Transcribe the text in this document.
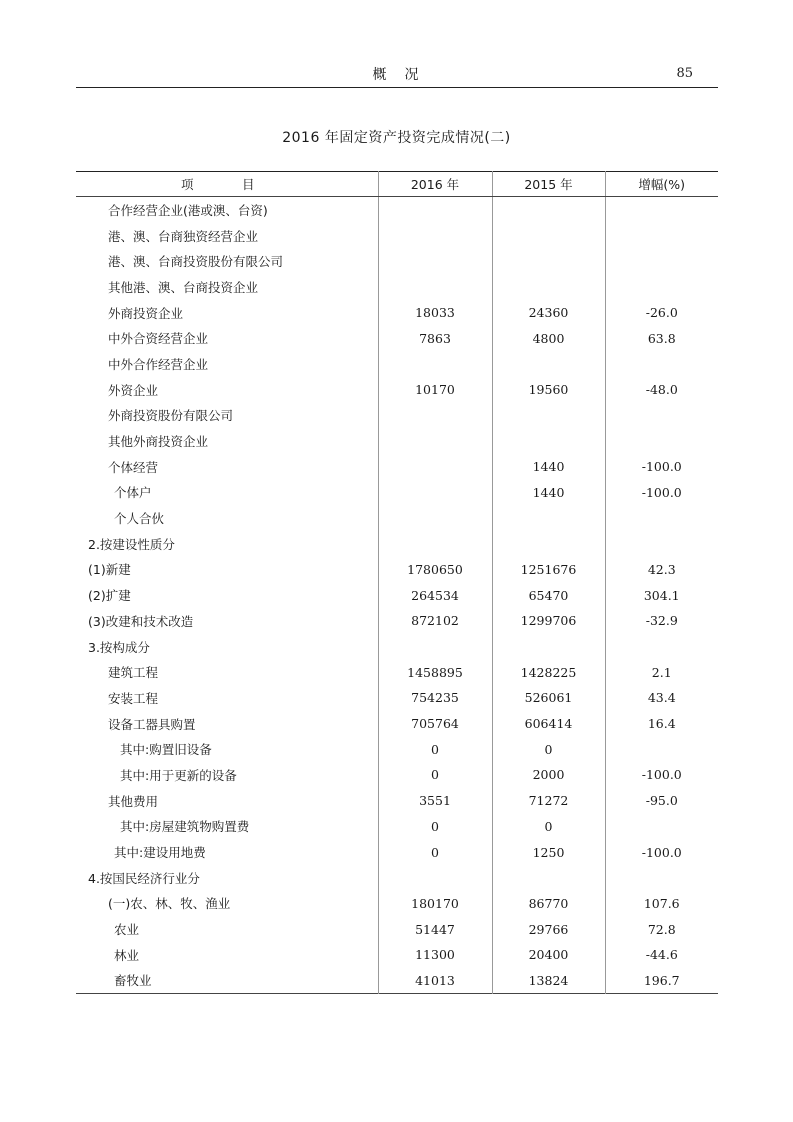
概　况	85
2016 年固定资产投资完成情况(二)
项　目	2016 年	2015 年	增幅(%)
合作经营企业(港或澳、台资)			
港、澳、台商独资经营企业			
港、澳、台商投资股份有限公司			
其他港、澳、台商投资企业			
外商投资企业	18033	24360	-26.0
中外合资经营企业	7863	4800	63.8
中外合作经营企业			
外资企业	10170	19560	-48.0
外商投资股份有限公司			
其他外商投资企业			
个体经营		1440	-100.0
个体户		1440	-100.0
个人合伙			
2.按建设性质分			
(1)新建	1780650	1251676	42.3
(2)扩建	264534	65470	304.1
(3)改建和技术改造	872102	1299706	-32.9
3.按构成分			
建筑工程	1458895	1428225	2.1
安装工程	754235	526061	43.4
设备工器具购置	705764	606414	16.4
其中:购置旧设备	0	0	
其中:用于更新的设备	0	2000	-100.0
其他费用	3551	71272	-95.0
其中:房屋建筑物购置费	0	0	
其中:建设用地费	0	1250	-100.0
4.按国民经济行业分			
(一)农、林、牧、渔业	180170	86770	107.6
农业	51447	29766	72.8
林业	11300	20400	-44.6
畜牧业	41013	13824	196.7
